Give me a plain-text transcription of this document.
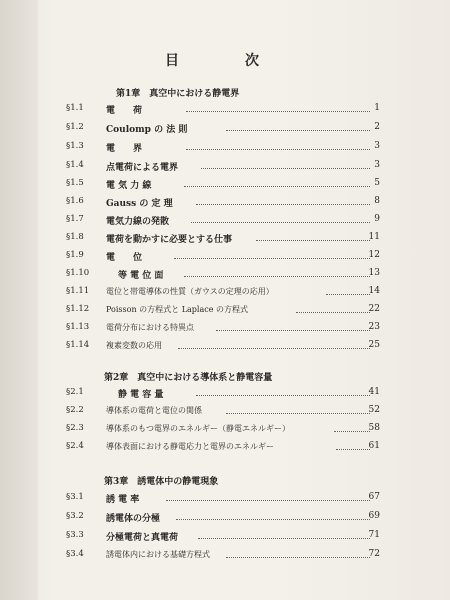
目　次
第1章　真空中における静電界
§1.1	電　　荷	1
§1.2	Coulomp の 法 則	2
§1.3	電　　界	3
§1.4	点電荷による電界	3
§1.5	電 気 力 線	5
§1.6	Gauss の 定 理	8
§1.7	電気力線の発散	9
§1.8	電荷を動かすに必要とする仕事	11
§1.9	電　　位	12
§1.10	等 電 位 面	13
§1.11	電位と帯電導体の性質（ガウスの定理の応用）	14
§1.12	Poisson の方程式と Laplace の方程式	22
§1.13	電荷分布における特異点	23
§1.14	複素変数の応用	25
第2章　真空中における導体系と静電容量
§2.1	静 電 容 量	41
§2.2	導体系の電荷と電位の関係	52
§2.3	導体系のもつ電界のエネルギー（静電エネルギー）	58
§2.4	導体表面における静電応力と電界のエネルギー	61
第3章　誘電体中の静電現象
§3.1	誘 電 率	67
§3.2	誘電体の分極	69
§3.3	分極電荷と真電荷	71
§3.4	誘電体内における基礎方程式	72
